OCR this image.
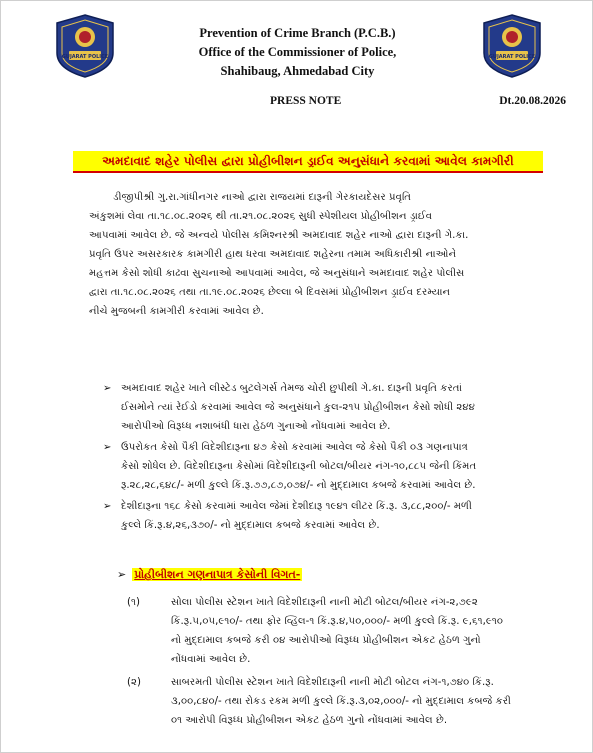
GUJARAT POLICE	GUJARAT POLICE
Prevention of Crime Branch (P.C.B.)
Office of the Commissioner of Police,
Shahibaug, Ahmedabad City
PRESS NOTE	Dt.20.08.2026
અમદાવાદ શહેર પોલીસ દ્વારા પ્રોહીબીશન ડ્રાઈવ અનુસંધાને કરવામાં આવેલ કામગીરી
ડીજીપીશ્રી ગુ.રા.ગાંધીનગર નાઓ દ્વારા રાજયમાં દારૂની ગેરકાયદેસર પ્રવૃતિ
અંકુશમાં લેવા તા.૧૮.૦૮.૨૦૨૬ થી તા.૨૧.૦૮.૨૦૨૬ સુધી સ્પેશીયલ પ્રોહીબીશન ડ્રાઈવ
આપવામાં આવેલ છે. જે અન્વયે પોલીસ કમિશ્નરશ્રી અમદાવાદ શહેર નાઓ દ્વારા દારૂની ગે.કા.
પ્રવૃતિ ઉપર અસરકારક કામગીરી હાથ ધરવા અમદાવાદ શહેરના તમામ અધિકારીશ્રી નાઓને
મહત્તમ કેસો શોધી કાઢવા સુચનાઓ આપવામાં આવેલ, જે અનુસંધાને અમદાવાદ શહેર પોલીસ
દ્વારા તા.૧૮.૦૮.૨૦૨૬ તથા તા.૧૯.૦૮.૨૦૨૬ છેલ્લા બે દિવસમાં પ્રોહીબીશન ડ્રાઈવ દરમ્યાન
નીચે મુજબની કામગીરી કરવામાં આવેલ છે.
➢ અમદાવાદ શહેર ખાતે લીસ્ટેડ બુટલેગર્સ તેમજ ચોરી છુપીથી ગે.કા. દારૂની પ્રવૃતિ કરતાં
ઈસમોને ત્યાં રેઈડો કરવામાં આવેલ જે અનુસંધાને કુલ-૨૧૫ પ્રોહીબીશન કેસો શોધી ૨૪૪
આરોપીઓ વિરૂધ્ધ નશાબંધી ધારા હેઠળ ગુનાઓ નોંધવામાં આવેલ છે.
➢ ઉપરોકત કેસો પૈકી વિદેશીદારૂના ૪૭ કેસો કરવામાં આવેલ જે કેસો પૈકી ૦૩ ગણનાપાત્ર
કેસો શોધેલ છે. વિદેશીદારૂના કેસોમાં વિદેશીદારૂની બોટલ/બીયર નંગ-૧૦,૮૮૫ જેની કિંમત
રૂ.૨૮,૨૮,૬૪૮/- મળી કુલ્લે કિં.રૂ.૭૭,૮૭,૦૭૪/- નો મુદ્દામાલ કબજે કરવામાં આવેલ છે.
➢ દેશીદારૂના ૧૬૮ કેસો કરવામાં આવેલ જેમાં દેશીદારૂ ૧૯૪૧ લીટર કિં.રૂ. ૩,૮૮,૨૦૦/- મળી
કુલ્લે કિં.રૂ.૪,૨૬,૩૭૦/- નો મુદ્દામાલ કબજે કરવામાં આવેલ છે.
➢ પ્રોહીબીશન ગણનાપાત્ર કેસોની વિગત-
(૧)	સોલા પોલીસ સ્ટેશન ખાતે વિદેશીદારૂની નાની મોટી બોટલ/બીયર નંગ-૨,૭૯૨
કિં.રૂ.૫,૦૫,૯૧૦/- તથા ફોર વ્હિલ-૧ કિં.રૂ.૪,૫૦,૦૦૦/- મળી કુલ્લે કિં.રૂ. ૯,૬૧,૯૧૦
નો મુદ્દામાલ કબજે કરી ૦૪ આરોપીઓ વિરૂધ્ધ પ્રોહીબીશન એકટ હેઠળ ગુનો
નોંધવામાં આવેલ છે.
(૨)	સાબરમતી પોલીસ સ્ટેશન ખાતે વિદેશીદારૂની નાની મોટી બોટલ નંગ-૧,૭૪૦ કિં.રૂ.
૩,૦૦,૮૪૦/- તથા રોકડ રકમ મળી કુલ્લે કિં.રૂ.૩,૦૨,૦૦૦/- નો મુદ્દામાલ કબજે કરી
૦૧ આરોપી વિરૂધ્ધ પ્રોહીબીશન એકટ હેઠળ ગુનો નોંધવામાં આવેલ છે.
